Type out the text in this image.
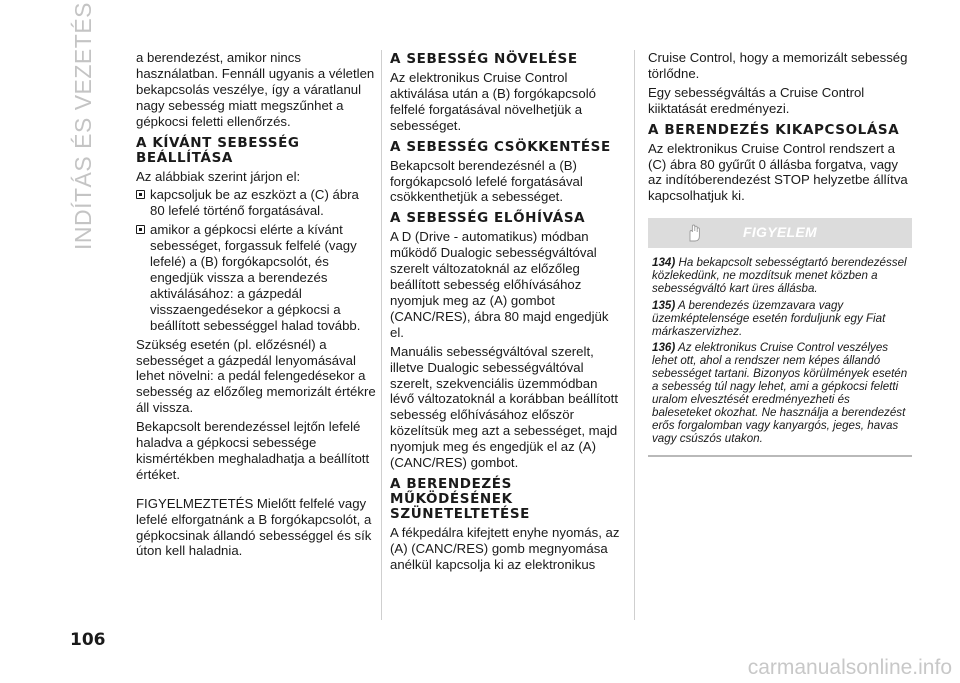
INDÍTÁS ÉS VEZETÉS
106
carmanualsonline.info

a berendezést, amikor nincs használatban. Fennáll ugyanis a véletlen bekapcsolás veszélye, így a váratlanul nagy sebesség miatt megszűnhet a gépkocsi feletti ellenőrzés.

A KÍVÁNT SEBESSÉG BEÁLLÍTÁSA

Az alábbiak szerint járjon el:

kapcsoljuk be az eszközt a (C) ábra 80 lefelé történő forgatásával.
amikor a gépkocsi elérte a kívánt sebességet, forgassuk felfelé (vagy lefelé) a (B) forgókapcsolót, és engedjük vissza a berendezés aktiválásához: a gázpedál visszaengedésekor a gépkocsi a beállított sebességgel halad tovább.

Szükség esetén (pl. előzésnél) a sebességet a gázpedál lenyomásával lehet növelni: a pedál felengedésekor a sebesség az előzőleg memorizált értékre áll vissza.

Bekapcsolt berendezéssel lejtőn lefelé haladva a gépkocsi sebessége kismértékben meghaladhatja a beállított értéket.

FIGYELMEZTETÉS Mielőtt felfelé vagy lefelé elforgatnánk a B forgókapcsolót, a gépkocsinak állandó sebességgel és sík úton kell haladnia.

A SEBESSÉG NÖVELÉSE

Az elektronikus Cruise Control aktiválása után a (B) forgókapcsoló felfelé forgatásával növelhetjük a sebességet.

A SEBESSÉG CSÖKKENTÉSE

Bekapcsolt berendezésnél a (B) forgókapcsoló lefelé forgatásával csökkenthetjük a sebességet.

A SEBESSÉG ELŐHÍVÁSA

A D (Drive - automatikus) módban működő Dualogic sebességváltóval szerelt változatoknál az előzőleg beállított sebesség előhívásához nyomjuk meg az (A) gombot (CANC/RES), ábra 80 majd engedjük el.

Manuális sebességváltóval szerelt, illetve Dualogic sebességváltóval szerelt, szekvenciális üzemmódban lévő változatoknál a korábban beállított sebesség előhívásához először közelítsük meg azt a sebességet, majd nyomjuk meg és engedjük el az (A) (CANC/RES) gombot.

A BERENDEZÉS MŰKÖDÉSÉNEK SZÜNETELTETÉSE

A fékpedálra kifejtett enyhe nyomás, az (A) (CANC/RES) gomb megnyomása anélkül kapcsolja ki az elektronikus

Cruise Control, hogy a memorizált sebesség törlődne.

Egy sebességváltás a Cruise Control kiiktatását eredményezi.

A BERENDEZÉS KIKAPCSOLÁSA

Az elektronikus Cruise Control rendszert a (C) ábra 80 gyűrűt 0 állásba forgatva, vagy az indítóberendezést STOP helyzetbe állítva kapcsolhatjuk ki.

FIGYELEM

134) Ha bekapcsolt sebességtartó berendezéssel közlekedünk, ne mozdítsuk menet közben a sebességváltó kart üres állásba.

135) A berendezés üzemzavara vagy üzemképtelensége esetén forduljunk egy Fiat márkaszervizhez.

136) Az elektronikus Cruise Control veszélyes lehet ott, ahol a rendszer nem képes állandó sebességet tartani. Bizonyos körülmények esetén a sebesség túl nagy lehet, ami a gépkocsi feletti uralom elvesztését eredményezheti és baleseteket okozhat. Ne használja a berendezést erős forgalomban vagy kanyargós, jeges, havas vagy csúszós utakon.
